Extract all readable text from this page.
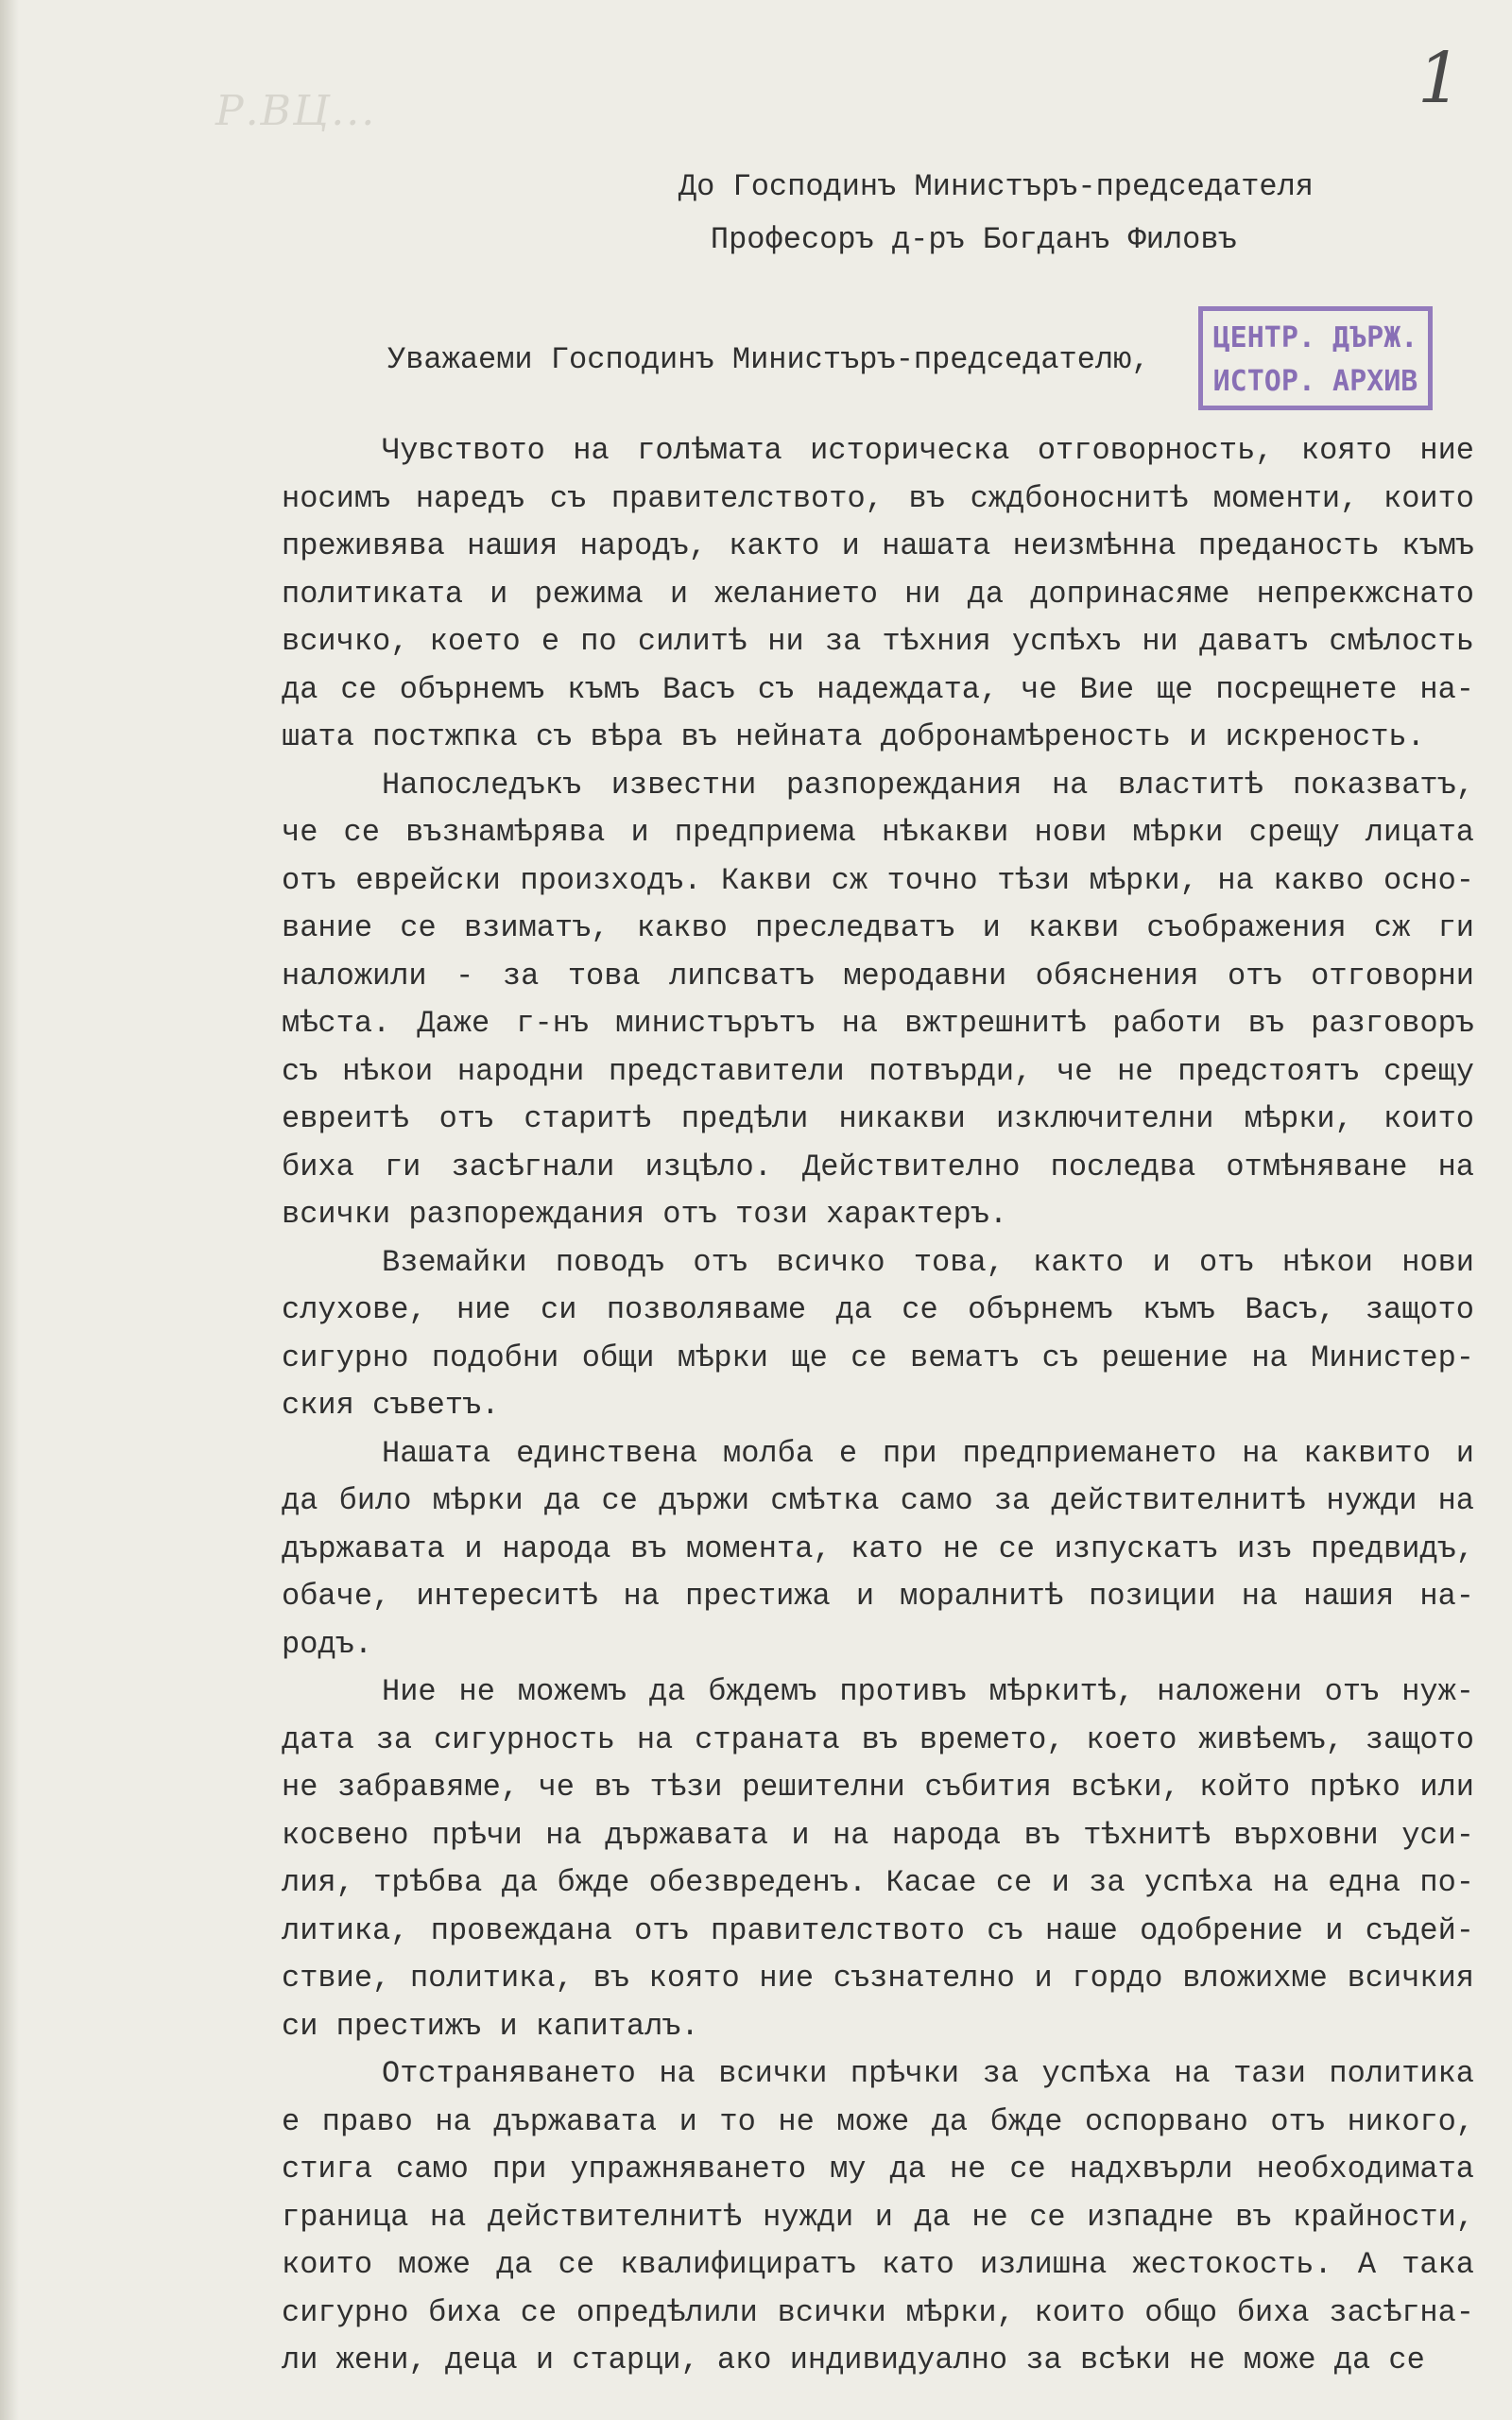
Р.ВЦ...	1
До Господинъ Министъръ-председателя
Професоръ д-ръ Богданъ Филовъ
ЦЕНТР. ДЪРЖ.
ИСТОР. АРХИВ
Уважаеми Господинъ Министъръ-председателю,
Чувството на голѣмата историческа отговорность, която ние
носимъ наредъ съ правителството, въ сждбоноснитѣ моменти, които
преживява нашия народъ, както и нашата неизмѣнна преданость къмъ
политиката и режима и желанието ни да допринасяме непрекжснато
всичко, което е по силитѣ ни за тѣхния успѣхъ ни даватъ смѣлость
да се обърнемъ къмъ Васъ съ надеждата, че Вие ще посрещнете на-
шата постжпка съ вѣра въ нейната добронамѣреность и искреность.
Напоследъкъ известни разпореждания на властитѣ показватъ,
че се възнамѣрява и предприема нѣкакви нови мѣрки срещу лицата
отъ еврейски произходъ. Какви сж точно тѣзи мѣрки, на какво осно-
вание се взиматъ, какво преследватъ и какви съображения сж ги
наложили - за това липсватъ меродавни обяснения отъ отговорни
мѣста. Даже г-нъ министърътъ на вжтрешнитѣ работи въ разговоръ
съ нѣкои народни представители потвърди, че не предстоятъ срещу
евреитѣ отъ старитѣ предѣли никакви изключителни мѣрки, които
биха ги засѣгнали изцѣло. Действително последва отмѣняване на
всички разпореждания отъ този характеръ.
Вземайки поводъ отъ всичко това, както и отъ нѣкои нови
слухове, ние си позволяваме да се обърнемъ къмъ Васъ, защото
сигурно подобни общи мѣрки ще се вематъ съ решение на Министер-
ския съветъ.
Нашата единствена молба е при предприемането на каквито и
да било мѣрки да се държи смѣтка само за действителнитѣ нужди на
държавата и народа въ момента, като не се изпускатъ изъ предвидъ,
обаче, интереситѣ на престижа и моралнитѣ позиции на нашия на-
родъ.
Ние не можемъ да бждемъ противъ мѣркитѣ, наложени отъ нуж-
дата за сигурность на страната въ времето, което живѣемъ, защото
не забравяме, че въ тѣзи решителни събития всѣки, който прѣко или
косвено прѣчи на държавата и на народа въ тѣхнитѣ върховни уси-
лия, трѣбва да бжде обезвреденъ. Касае се и за успѣха на една по-
литика, провеждана отъ правителството съ наше одобрение и съдей-
ствие, политика, въ която ние съзнателно и гордо вложихме всичкия
си престижъ и капиталъ.
Отстраняването на всички прѣчки за успѣха на тази политика
е право на държавата и то не може да бжде оспорвано отъ никого,
стига само при упражняването му да не се надхвърли необходимата
граница на действителнитѣ нужди и да не се изпадне въ крайности,
които може да се квалифициратъ като излишна жестокость. А така
сигурно биха се опредѣлили всички мѣрки, които общо биха засѣгна-
ли жени, деца и старци, ако индивидуално за всѣки не може да се
